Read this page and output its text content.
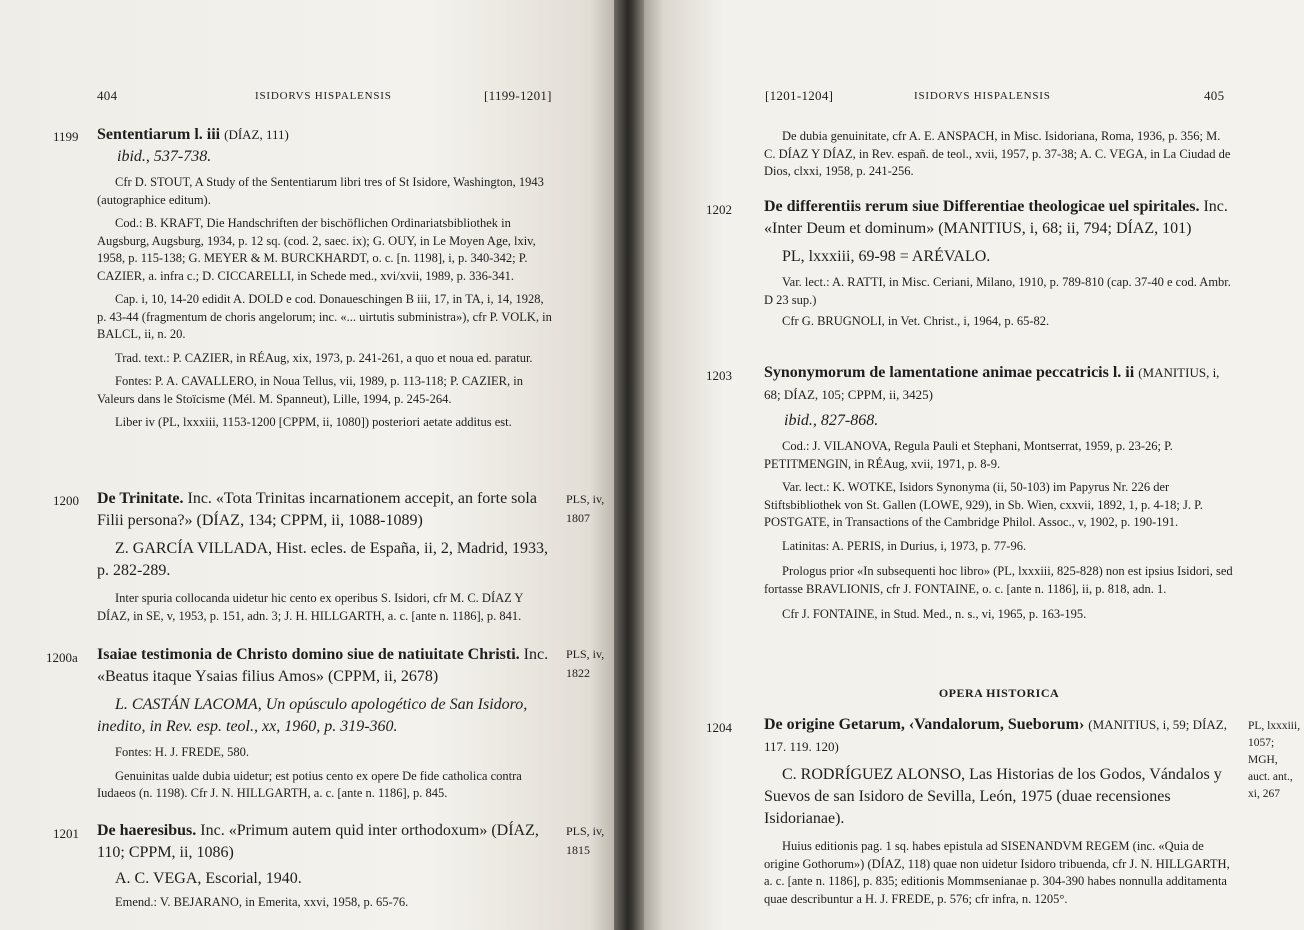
404	ISIDORVS HISPALENSIS	[1199-1201]
1199 Sententiarum l. iii (DÍAZ, 111)
ibid., 537-738.
Cfr D. STOUT, A Study of the Sententiarum libri tres of St Isidore, Washington, 1943 (autographice editum).
Cod.: B. KRAFT, Die Handschriften der bischöflichen Ordinariatsbibliothek in Augsburg, Augsburg, 1934, p. 12 sq. (cod. 2, saec. ix); G. OUY, in Le Moyen Age, lxiv, 1958, p. 115-138; G. MEYER & M. BURCKHARDT, o. c. [n. 1198], i, p. 340-342; P. CAZIER, a. infra c.; D. CICCARELLI, in Schede med., xvi/xvii, 1989, p. 336-341.
Cap. i, 10, 14-20 edidit A. DOLD e cod. Donaueschingen B iii, 17, in TA, i, 14, 1928, p. 43-44 (fragmentum de choris angelorum; inc. «... uirtutis subministra»), cfr P. VOLK, in BALCL, ii, n. 20.
Trad. text.: P. CAZIER, in RÉAug, xix, 1973, p. 241-261, a quo et noua ed. paratur.
Fontes: P. A. CAVALLERO, in Noua Tellus, vii, 1989, p. 113-118; P. CAZIER, in Valeurs dans le Stoïcisme (Mél. M. Spanneut), Lille, 1994, p. 245-264.
Liber iv (PL, lxxxiii, 1153-1200 [CPPM, ii, 1080]) posteriori aetate additus est.
1200	PLS, iv, 1807
De Trinitate. Inc. «Tota Trinitas incarnationem accepit, an forte sola Filii persona?» (DÍAZ, 134; CPPM, ii, 1088-1089)
Z. GARCÍA VILLADA, Hist. ecles. de España, ii, 2, Madrid, 1933, p. 282-289.
Inter spuria collocanda uidetur hic cento ex operibus S. Isidori, cfr M. C. DÍAZ Y DÍAZ, in SE, v, 1953, p. 151, adn. 3; J. H. HILLGARTH, a. c. [ante n. 1186], p. 841.
1200a	PLS, iv, 1822
Isaiae testimonia de Christo domino siue de natiuitate Christi. Inc. «Beatus itaque Ysaias filius Amos» (CPPM, ii, 2678)
L. CASTÁN LACOMA, Un opúsculo apologético de San Isidoro, inedito, in Rev. esp. teol., xx, 1960, p. 319-360.
Fontes: H. J. FREDE, 580.
Genuinitas ualde dubia uidetur; est potius cento ex opere De fide catholica contra Iudaeos (n. 1198). Cfr J. N. HILLGARTH, a. c. [ante n. 1186], p. 845.
1201	PLS, iv, 1815
De haeresibus. Inc. «Primum autem quid inter orthodoxum» (DÍAZ, 110; CPPM, ii, 1086)
A. C. VEGA, Escorial, 1940.
Emend.: V. BEJARANO, in Emerita, xxvi, 1958, p. 65-76.
[1201-1204]	ISIDORVS HISPALENSIS	405
De dubia genuinitate, cfr A. E. ANSPACH, in Misc. Isidoriana, Roma, 1936, p. 356; M. C. DÍAZ Y DÍAZ, in Rev. españ. de teol., xvii, 1957, p. 37-38; A. C. VEGA, in La Ciudad de Dios, clxxi, 1958, p. 241-256.
1202 De differentiis rerum siue Differentiae theologicae uel spiritales. Inc. «Inter Deum et dominum» (MANITIUS, i, 68; ii, 794; DÍAZ, 101)
PL, lxxxiii, 69-98 = ARÉVALO.
Var. lect.: A. RATTI, in Misc. Ceriani, Milano, 1910, p. 789-810 (cap. 37-40 e cod. Ambr. D 23 sup.)
Cfr G. BRUGNOLI, in Vet. Christ., i, 1964, p. 65-82.
1203 Synonymorum de lamentatione animae peccatricis l. ii (MANITIUS, i, 68; DÍAZ, 105; CPPM, ii, 3425)
ibid., 827-868.
Cod.: J. VILANOVA, Regula Pauli et Stephani, Montserrat, 1959, p. 23-26; P. PETITMENGIN, in RÉAug, xvii, 1971, p. 8-9.
Var. lect.: K. WOTKE, Isidors Synonyma (ii, 50-103) im Papyrus Nr. 226 der Stiftsbibliothek von St. Gallen (LOWE, 929), in Sb. Wien, cxxvii, 1892, 1, p. 4-18; J. P. POSTGATE, in Transactions of the Cambridge Philol. Assoc., v, 1902, p. 190-191.
Latinitas: A. PERIS, in Durius, i, 1973, p. 77-96.
Prologus prior «In subsequenti hoc libro» (PL, lxxxiii, 825-828) non est ipsius Isidori, sed fortasse BRAVLIONIS, cfr J. FONTAINE, o. c. [ante n. 1186], ii, p. 818, adn. 1.
Cfr J. FONTAINE, in Stud. Med., n. s., vi, 1965, p. 163-195.
OPERA HISTORICA
1204	PL, lxxxiii, 1057; MGH, auct. ant., xi, 267
De origine Getarum, ‹Vandalorum, Sueborum› (MANITIUS, i, 59; DÍAZ, 117. 119. 120)
C. RODRÍGUEZ ALONSO, Las Historias de los Godos, Vándalos y Suevos de san Isidoro de Sevilla, León, 1975 (duae recensiones Isidorianae).
Huius editionis pag. 1 sq. habes epistula ad SISENANDVM REGEM (inc. «Quia de origine Gothorum») (DÍAZ, 118) quae non uidetur Isidoro tribuenda, cfr J. N. HILLGARTH, a. c. [ante n. 1186], p. 835; editionis Mommsenianae p. 304-390 habes nonnulla additamenta quae describuntur a H. J. FREDE, p. 576; cfr infra, n. 1205°.
